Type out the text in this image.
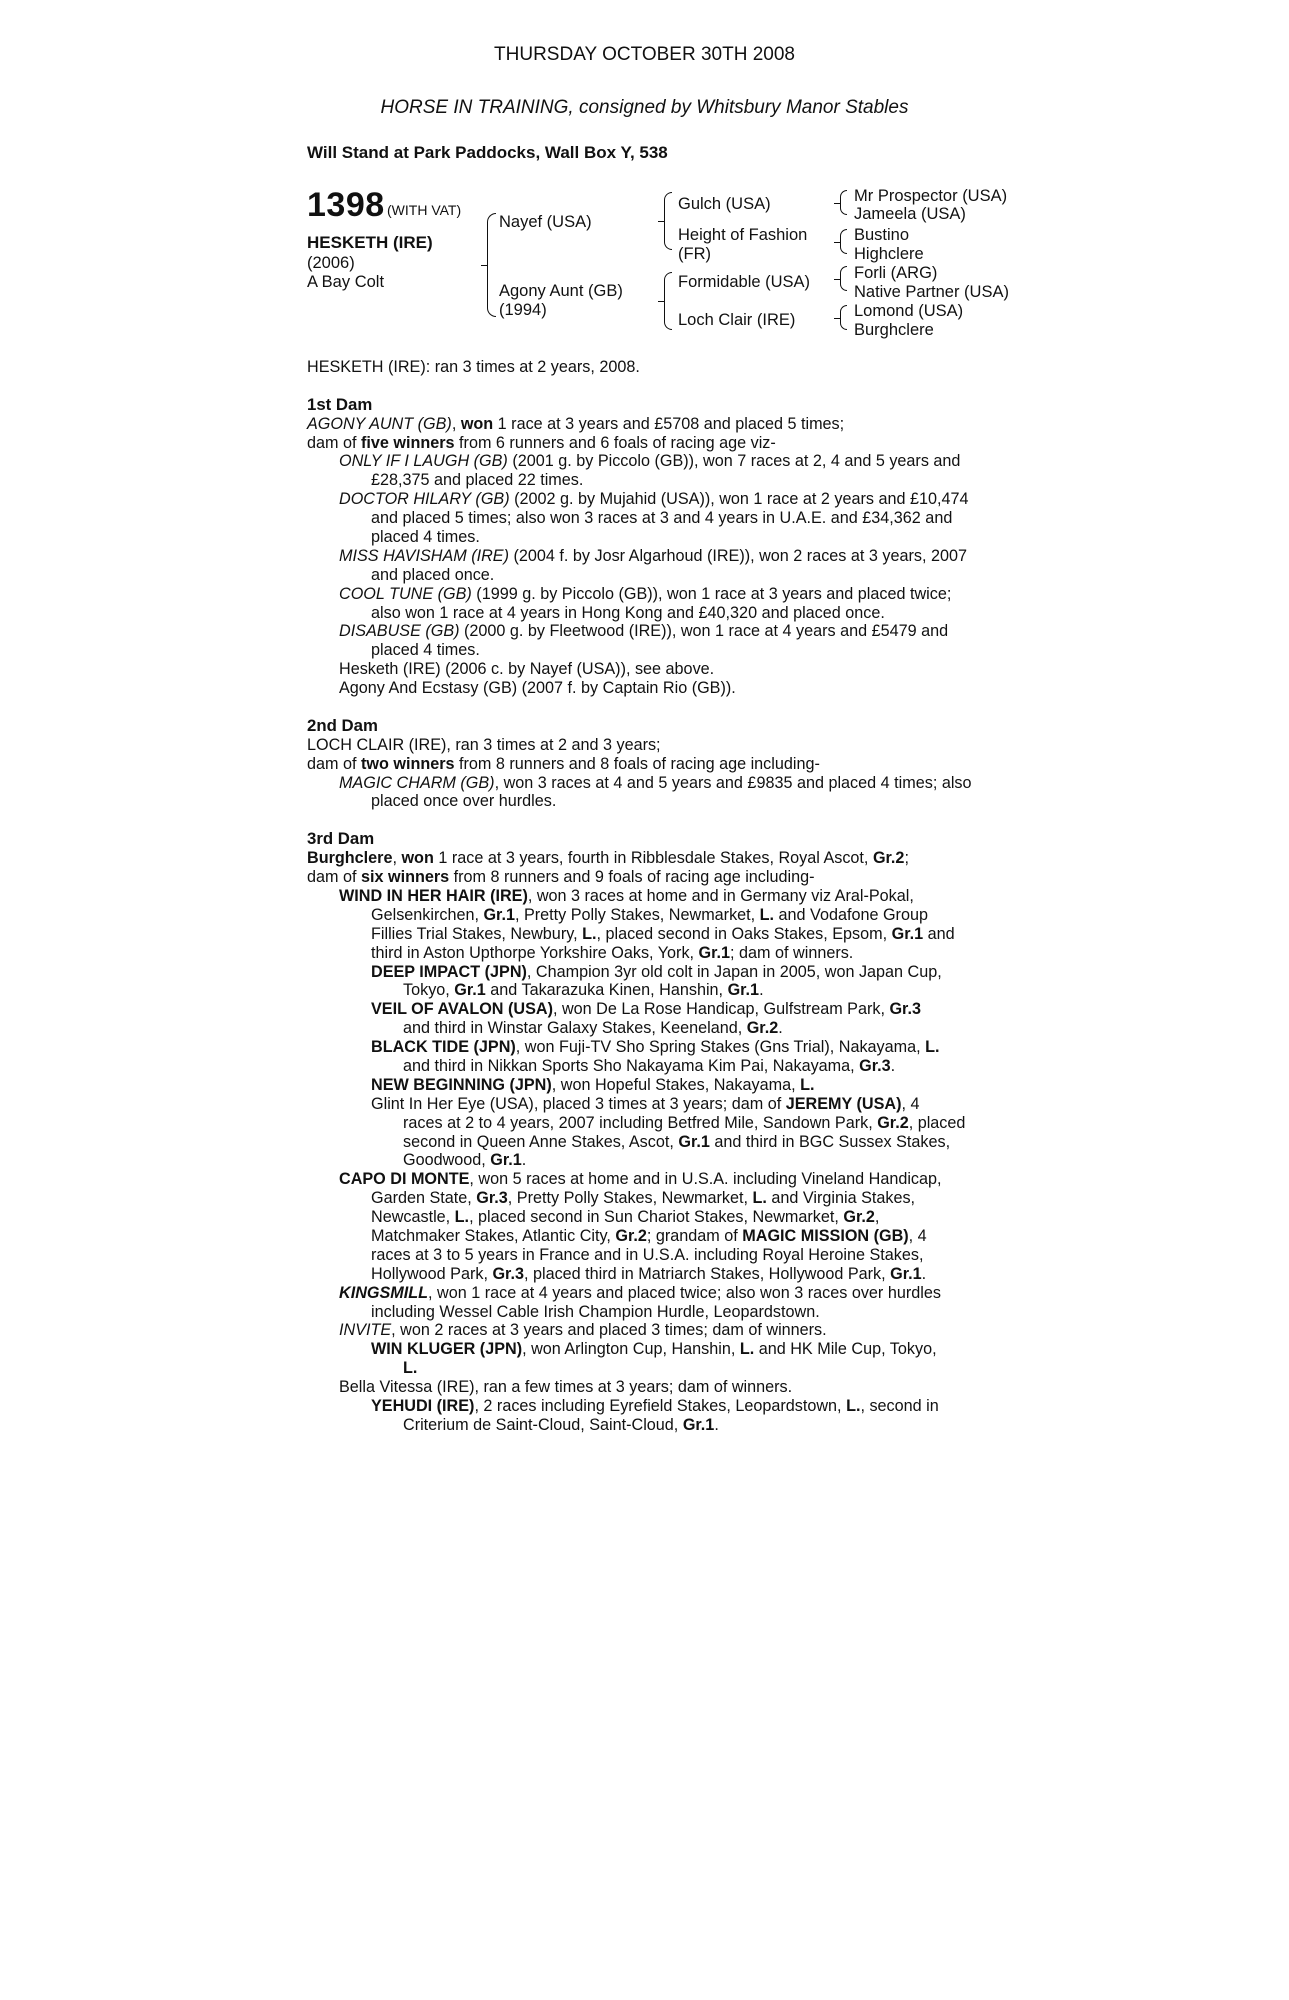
THURSDAY OCTOBER 30TH 2008
HORSE IN TRAINING, consigned by Whitsbury Manor Stables
Will Stand at Park Paddocks, Wall Box Y, 538
1398 (WITH VAT)
HESKETH (IRE)
(2006)
A Bay Colt
Nayef (USA)
Agony Aunt (GB)
(1994)
Gulch (USA)
Height of Fashion
(FR)
Formidable (USA)
Loch Clair (IRE)
Mr Prospector (USA)
Jameela (USA)
Bustino
Highclere
Forli (ARG)
Native Partner (USA)
Lomond (USA)
Burghclere
HESKETH (IRE): ran 3 times at 2 years, 2008.
1st Dam
AGONY AUNT (GB), won 1 race at 3 years and £5708 and placed 5 times;
dam of five winners from 6 runners and 6 foals of racing age viz-
ONLY IF I LAUGH (GB) (2001 g. by Piccolo (GB)), won 7 races at 2, 4 and 5 years and
£28,375 and placed 22 times.
DOCTOR HILARY (GB) (2002 g. by Mujahid (USA)), won 1 race at 2 years and £10,474
and placed 5 times; also won 3 races at 3 and 4 years in U.A.E. and £34,362 and
placed 4 times.
MISS HAVISHAM (IRE) (2004 f. by Josr Algarhoud (IRE)), won 2 races at 3 years, 2007
and placed once.
COOL TUNE (GB) (1999 g. by Piccolo (GB)), won 1 race at 3 years and placed twice;
also won 1 race at 4 years in Hong Kong and £40,320 and placed once.
DISABUSE (GB) (2000 g. by Fleetwood (IRE)), won 1 race at 4 years and £5479 and
placed 4 times.
Hesketh (IRE) (2006 c. by Nayef (USA)), see above.
Agony And Ecstasy (GB) (2007 f. by Captain Rio (GB)).
2nd Dam
LOCH CLAIR (IRE), ran 3 times at 2 and 3 years;
dam of two winners from 8 runners and 8 foals of racing age including-
MAGIC CHARM (GB), won 3 races at 4 and 5 years and £9835 and placed 4 times; also
placed once over hurdles.
3rd Dam
Burghclere, won 1 race at 3 years, fourth in Ribblesdale Stakes, Royal Ascot, Gr.2;
dam of six winners from 8 runners and 9 foals of racing age including-
WIND IN HER HAIR (IRE), won 3 races at home and in Germany viz Aral-Pokal,
Gelsenkirchen, Gr.1, Pretty Polly Stakes, Newmarket, L. and Vodafone Group
Fillies Trial Stakes, Newbury, L., placed second in Oaks Stakes, Epsom, Gr.1 and
third in Aston Upthorpe Yorkshire Oaks, York, Gr.1; dam of winners.
DEEP IMPACT (JPN), Champion 3yr old colt in Japan in 2005, won Japan Cup,
Tokyo, Gr.1 and Takarazuka Kinen, Hanshin, Gr.1.
VEIL OF AVALON (USA), won De La Rose Handicap, Gulfstream Park, Gr.3
and third in Winstar Galaxy Stakes, Keeneland, Gr.2.
BLACK TIDE (JPN), won Fuji-TV Sho Spring Stakes (Gns Trial), Nakayama, L.
and third in Nikkan Sports Sho Nakayama Kim Pai, Nakayama, Gr.3.
NEW BEGINNING (JPN), won Hopeful Stakes, Nakayama, L.
Glint In Her Eye (USA), placed 3 times at 3 years; dam of JEREMY (USA), 4
races at 2 to 4 years, 2007 including Betfred Mile, Sandown Park, Gr.2, placed
second in Queen Anne Stakes, Ascot, Gr.1 and third in BGC Sussex Stakes,
Goodwood, Gr.1.
CAPO DI MONTE, won 5 races at home and in U.S.A. including Vineland Handicap,
Garden State, Gr.3, Pretty Polly Stakes, Newmarket, L. and Virginia Stakes,
Newcastle, L., placed second in Sun Chariot Stakes, Newmarket, Gr.2,
Matchmaker Stakes, Atlantic City, Gr.2; grandam of MAGIC MISSION (GB), 4
races at 3 to 5 years in France and in U.S.A. including Royal Heroine Stakes,
Hollywood Park, Gr.3, placed third in Matriarch Stakes, Hollywood Park, Gr.1.
KINGSMILL, won 1 race at 4 years and placed twice; also won 3 races over hurdles
including Wessel Cable Irish Champion Hurdle, Leopardstown.
INVITE, won 2 races at 3 years and placed 3 times; dam of winners.
WIN KLUGER (JPN), won Arlington Cup, Hanshin, L. and HK Mile Cup, Tokyo,
L.
Bella Vitessa (IRE), ran a few times at 3 years; dam of winners.
YEHUDI (IRE), 2 races including Eyrefield Stakes, Leopardstown, L., second in
Criterium de Saint-Cloud, Saint-Cloud, Gr.1.
